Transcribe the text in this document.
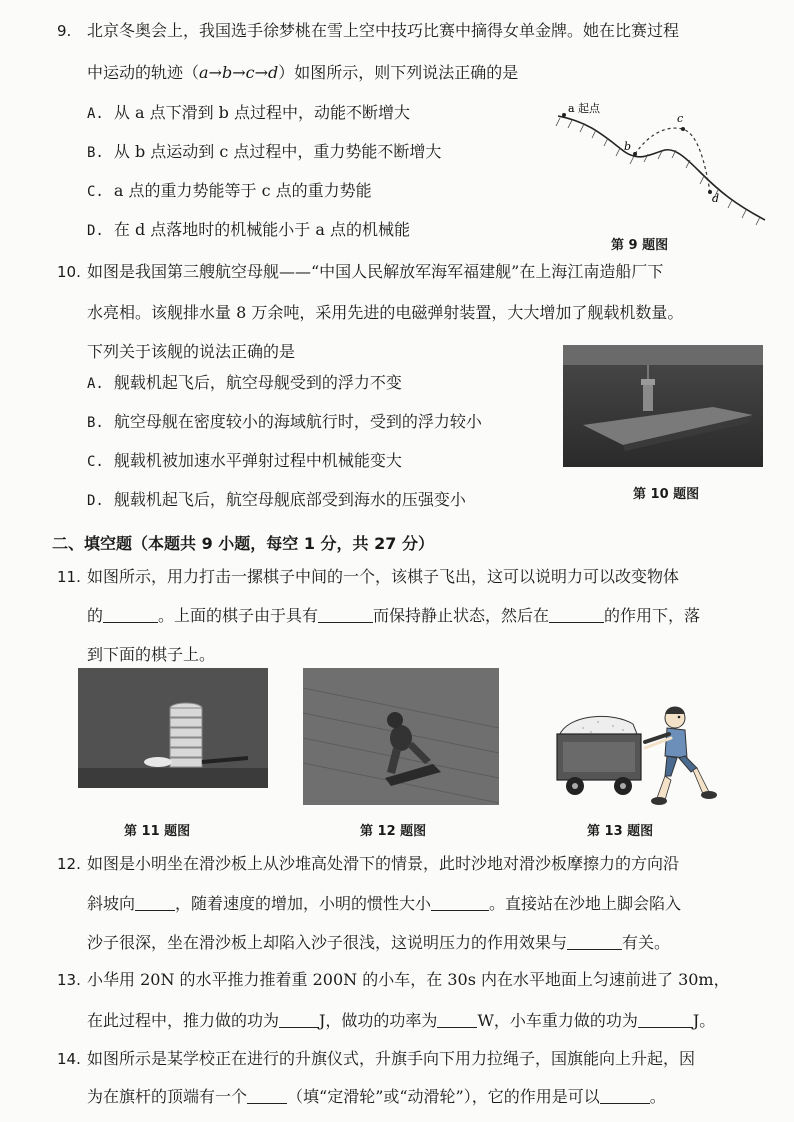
9. 北京冬奥会上，我国选手徐梦桃在雪上空中技巧比赛中摘得女单金牌。她在比赛过程
中运动的轨迹（a→b→c→d）如图所示，则下列说法正确的是
A. 从 a 点下滑到 b 点过程中，动能不断增大
B. 从 b 点运动到 c 点过程中，重力势能不断增大
C. a 点的重力势能等于 c 点的重力势能
D. 在 d 点落地时的机械能小于 a 点的机械能
a 起点
b
c
d
第 9 题图
10. 如图是我国第三艘航空母舰——“中国人民解放军海军福建舰”在上海江南造船厂下
水亮相。该舰排水量 8 万余吨，采用先进的电磁弹射装置，大大增加了舰载机数量。
下列关于该舰的说法正确的是
A. 舰载机起飞后，航空母舰受到的浮力不变
B. 航空母舰在密度较小的海域航行时，受到的浮力较小
C. 舰载机被加速水平弹射过程中机械能变大
D. 舰载机起飞后，航空母舰底部受到海水的压强变小	第 10 题图
二、填空题（本题共 9 小题，每空 1 分，共 27 分）
11. 如图所示，用力打击一摞棋子中间的一个，该棋子飞出，这可以说明力可以改变物体
的	。上面的棋子由于具有	而保持静止状态，然后在	的作用下，落
到下面的棋子上。
第 11 题图	第 12 题图	第 13 题图
12. 如图是小明坐在滑沙板上从沙堆高处滑下的情景，此时沙地对滑沙板摩擦力的方向沿
斜坡向	，随着速度的增加，小明的惯性大小	。直接站在沙地上脚会陷入
沙子很深，坐在滑沙板上却陷入沙子很浅，这说明压力的作用效果与	有关。
13. 小华用 20N 的水平推力推着重 200N 的小车，在 30s 内在水平地面上匀速前进了 30m，
在此过程中，推力做的功为	J，做功的功率为	W，小车重力做的功为	J。
14. 如图所示是某学校正在进行的升旗仪式，升旗手向下用力拉绳子，国旗能向上升起，因
为在旗杆的顶端有一个	（填“定滑轮”或“动滑轮”），它的作用是可以	。
